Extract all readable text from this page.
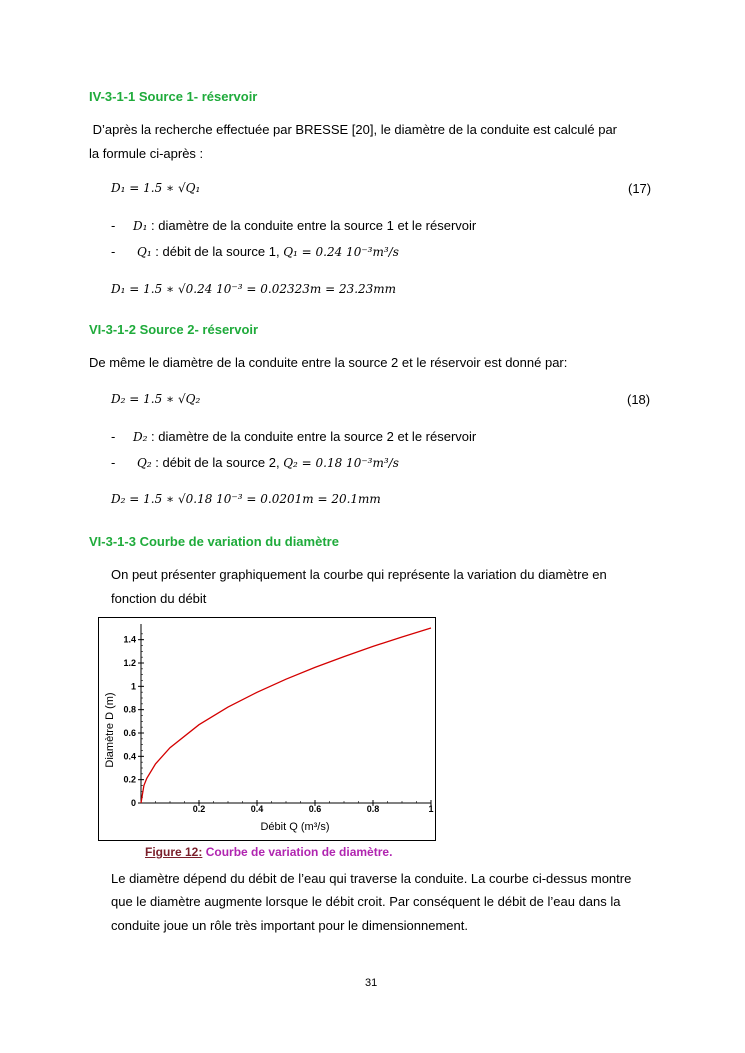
IV-3-1-1 Source 1- réservoir
D’après la recherche effectuée par BRESSE [20], le diamètre de la conduite est calculé par
la formule ci-après :
D₁ = 1.5 ∗ √Q₁	(17)
- D₁ : diamètre de la conduite entre la source 1 et le réservoir
- Q₁ : débit de la source 1, Q₁ = 0.24 10⁻³m³/s
D₁ = 1.5 ∗ √0.24 10⁻³ = 0.02323m = 23.23mm
VI-3-1-2 Source 2- réservoir
De même le diamètre de la conduite entre la source 2 et le réservoir est donné par:
D₂ = 1.5 ∗ √Q₂	(18)
- D₂ : diamètre de la conduite entre la source 2 et le réservoir
- Q₂ : débit de la source 2, Q₂ = 0.18 10⁻³m³/s
D₂ = 1.5 ∗ √0.18 10⁻³ = 0.0201m = 20.1mm
VI-3-1-3 Courbe de variation du diamètre
On peut présenter graphiquement la courbe qui représente la variation du diamètre en
fonction du débit
Diamètre D (m)
Débit Q (m³/s)
0
0.2
0.4
0.6
0.8
1
1.2
1.4
0.2	0.4	0.6	0.8	1
Figure 12: Courbe de variation de diamètre.
Le diamètre dépend du débit de l’eau qui traverse la conduite. La courbe ci-dessus montre
que le diamètre augmente lorsque le débit croit. Par conséquent le débit de l’eau dans la
conduite joue un rôle très important pour le dimensionnement.
31
